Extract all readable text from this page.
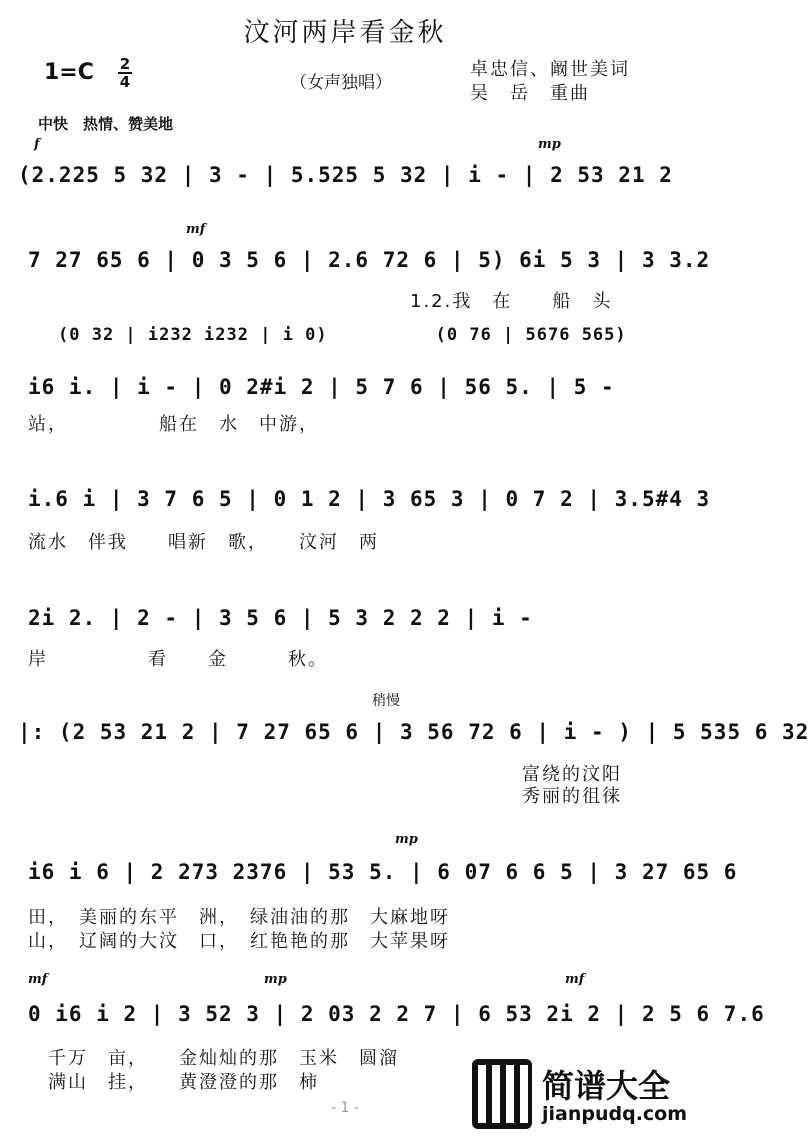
汶河两岸看金秋
1=C 2
4	（女声独唱）
卓忠信、阚世美词
吴　岳　重曲
中快　热情、赞美地
f	mp
(2.225 5 32 | 3 - | 5.525 5 32 | i - | 2 53 21 2
mf
7 27 65 6 | 0 3 5 6 | 2.6 72 6 | 5) 6i 5 3 | 3 3.2
1.2.我　在　　船　头
(0 32 | i232 i232 | i 0)　　　　　　(0 76 | 5676 565)
i6 i. | i - | 0 2#i 2 | 5 7 6 | 56 5. | 5 -
站，　　　　　船在　水　中游，
i.6 i | 3 7 6 5 | 0 1 2 | 3 65 3 | 0 7 2 | 3.5#4 3
流水　伴我　　唱新　歌，　　汶河　两
2i 2. | 2 - | 3 5 6 | 5 3 2 2 2 | i -
岸　　　　　看　　金　　　秋。
稍慢
|: (2 53 21 2 | 7 27 65 6 | 3 56 72 6 | i - ) | 5 535 6 32
富绕的汶阳
秀丽的徂徕
mp
i6 i 6 | 2 273 2376 | 53 5. | 6 07 6 6 5 | 3 27 65 6
田，　美丽的东平　洲，　绿油油的那　大麻地呀
山，　辽阔的大汶　口，　红艳艳的那　大苹果呀
mf	mp	mf
0 i6 i 2 | 3 52 3 | 2 03 2 2 7 | 6 53 2i 2 | 2 5 6 7.6
千万　亩，　　金灿灿的那　玉米　圆溜
满山　挂，　　黄澄澄的那　柿
- 1 -
简谱大全
jianpudq.com
